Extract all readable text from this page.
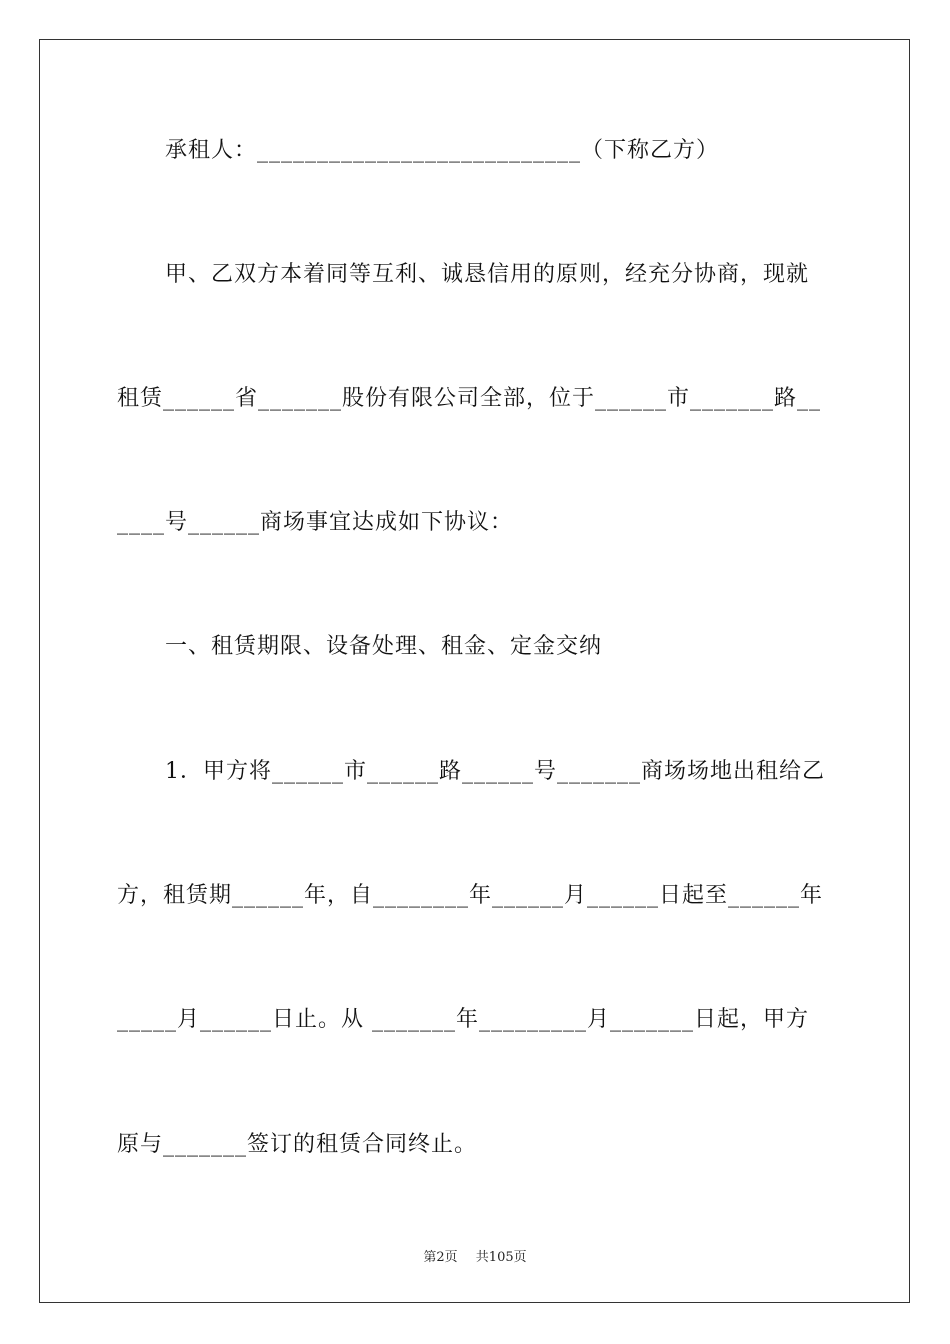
承租人：___________________________（下称乙方）
甲、乙双方本着同等互利、诚恳信用的原则，经充分协商，现就
租赁______省_______股份有限公司全部，位于______市_______路__
____号______商场事宜达成如下协议：
一、租赁期限、设备处理、租金、定金交纳
1．甲方将______市______路______号_______商场场地出租给乙
方，租赁期______年，自________年______月______日起至______年
_____月______日止。从 _______年_________月_______日起，甲方
原与_______签订的租赁合同终止。
第2页 共105页
